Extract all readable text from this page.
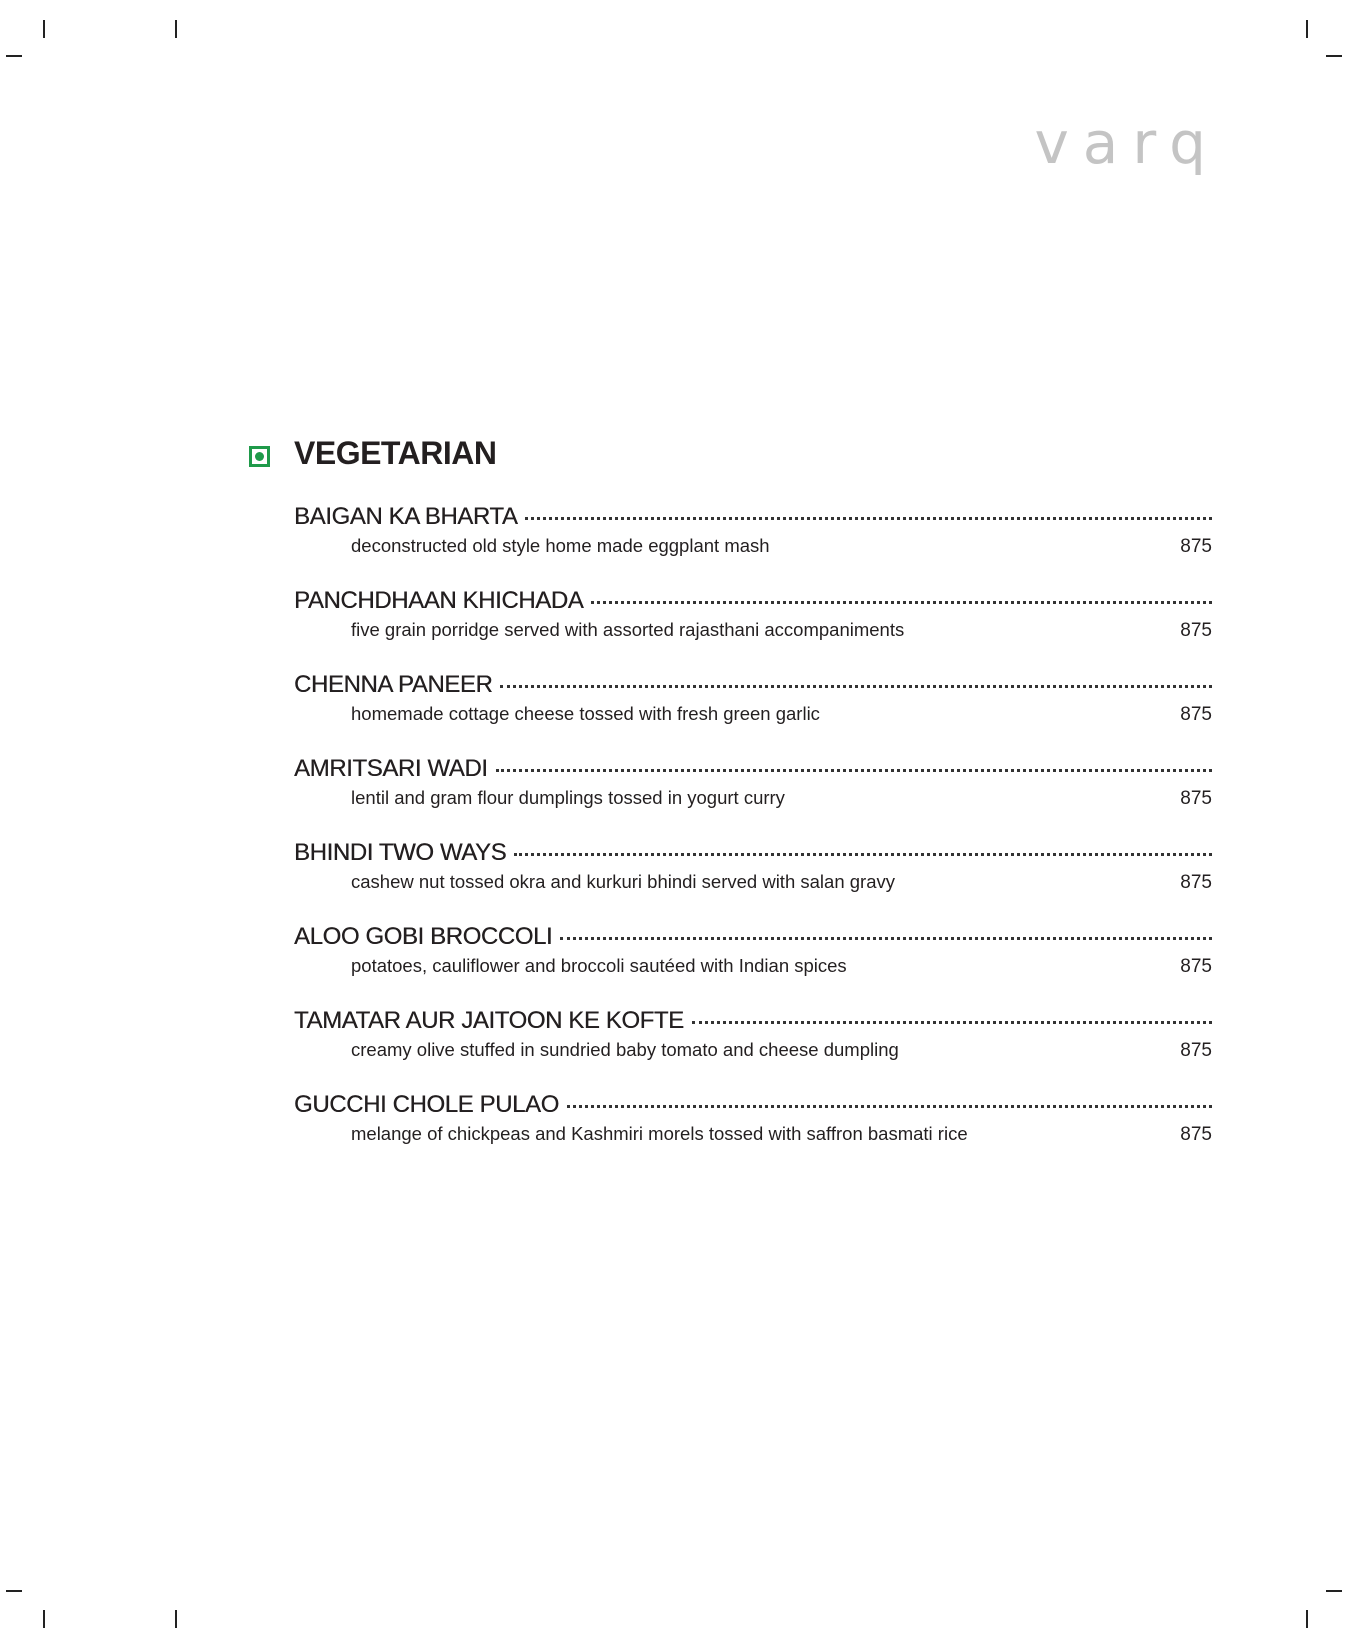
varq
VEGETARIAN
BAIGAN KA BHARTA
deconstructed old style home made eggplant mash	875
PANCHDHAAN KHICHADA
five grain porridge served with assorted rajasthani accompaniments	875
CHENNA PANEER
homemade cottage cheese tossed with fresh green garlic	875
AMRITSARI WADI
lentil and gram flour dumplings tossed in yogurt curry	875
BHINDI TWO WAYS
cashew nut tossed okra and kurkuri bhindi served with salan gravy	875
ALOO GOBI BROCCOLI
potatoes, cauliflower and broccoli sautéed with Indian spices	875
TAMATAR AUR JAITOON KE KOFTE
creamy olive stuffed in sundried baby tomato and cheese dumpling	875
GUCCHI CHOLE PULAO
melange of chickpeas and Kashmiri morels tossed with saffron basmati rice	875
